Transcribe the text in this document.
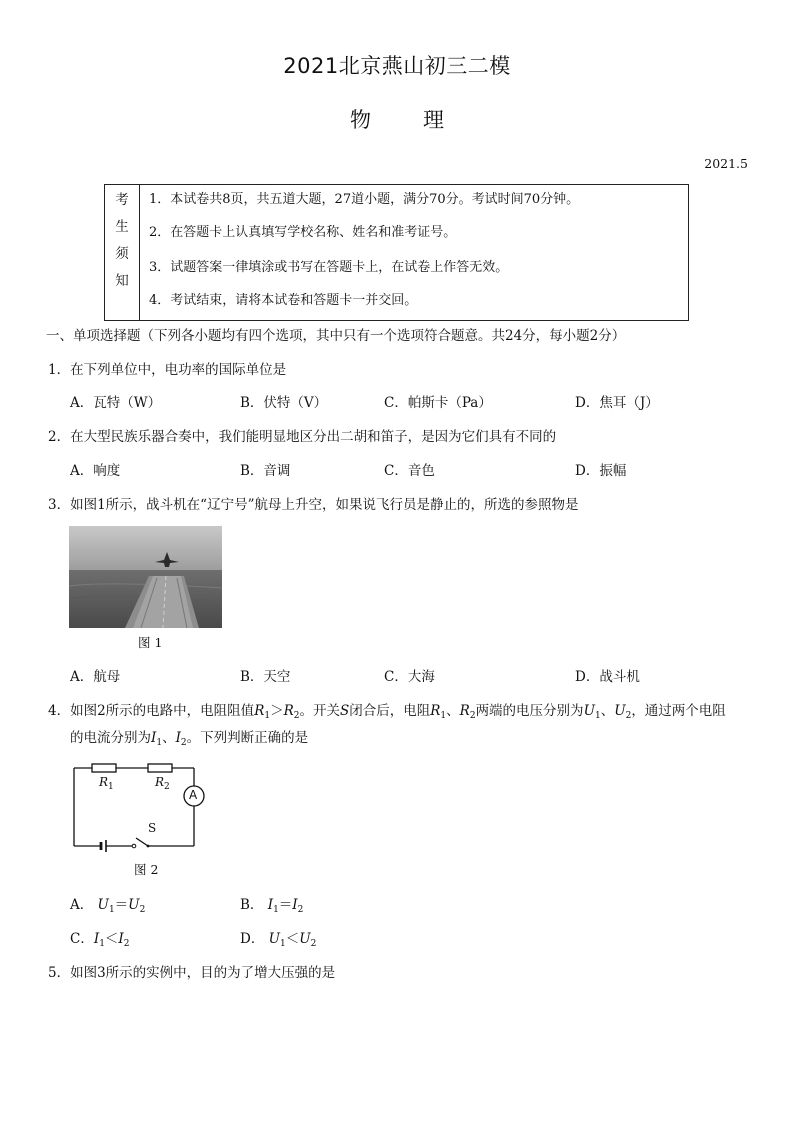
2021北京燕山初三二模
物理
2021.5
考
生
须
知
1．本试卷共8页，共五道大题，27道小题，满分70分。考试时间70分钟。
2．在答题卡上认真填写学校名称、姓名和准考证号。
3．试题答案一律填涂或书写在答题卡上，在试卷上作答无效。
4．考试结束，请将本试卷和答题卡一并交回。
一、单项选择题（下列各小题均有四个选项，其中只有一个选项符合题意。共24分，每小题2分）
1．在下列单位中，电功率的国际单位是
A．瓦特（W）	B．伏特（V）	C．帕斯卡（Pa）	D．焦耳（J）
2．在大型民族乐器合奏中，我们能明显地区分出二胡和笛子，是因为它们具有不同的
A．响度	B．音调	C．音色	D．振幅
3．如图1所示，战斗机在“辽宁号”航母上升空，如果说飞行员是静止的，所选的参照物是
图 1
A．航母	B．天空	C．大海	D．战斗机
4．如图2所示的电路中，电阻阻值$R_1>R_2$。开关S闭合后，电阻$R_1$、$R_2$两端的电压分别为$U_1$、$U_2$，通过两个电阻
的电流分别为$I_1$、$I_2$。下列判断正确的是
$R_1$	$R_2$
A
S
图 2
A． $U_1=U_2$	B． $I_1=I_2$
C．$I_1<I_2$	D． $U_1<U_2$
5．如图3所示的实例中，目的为了增大压强的是
